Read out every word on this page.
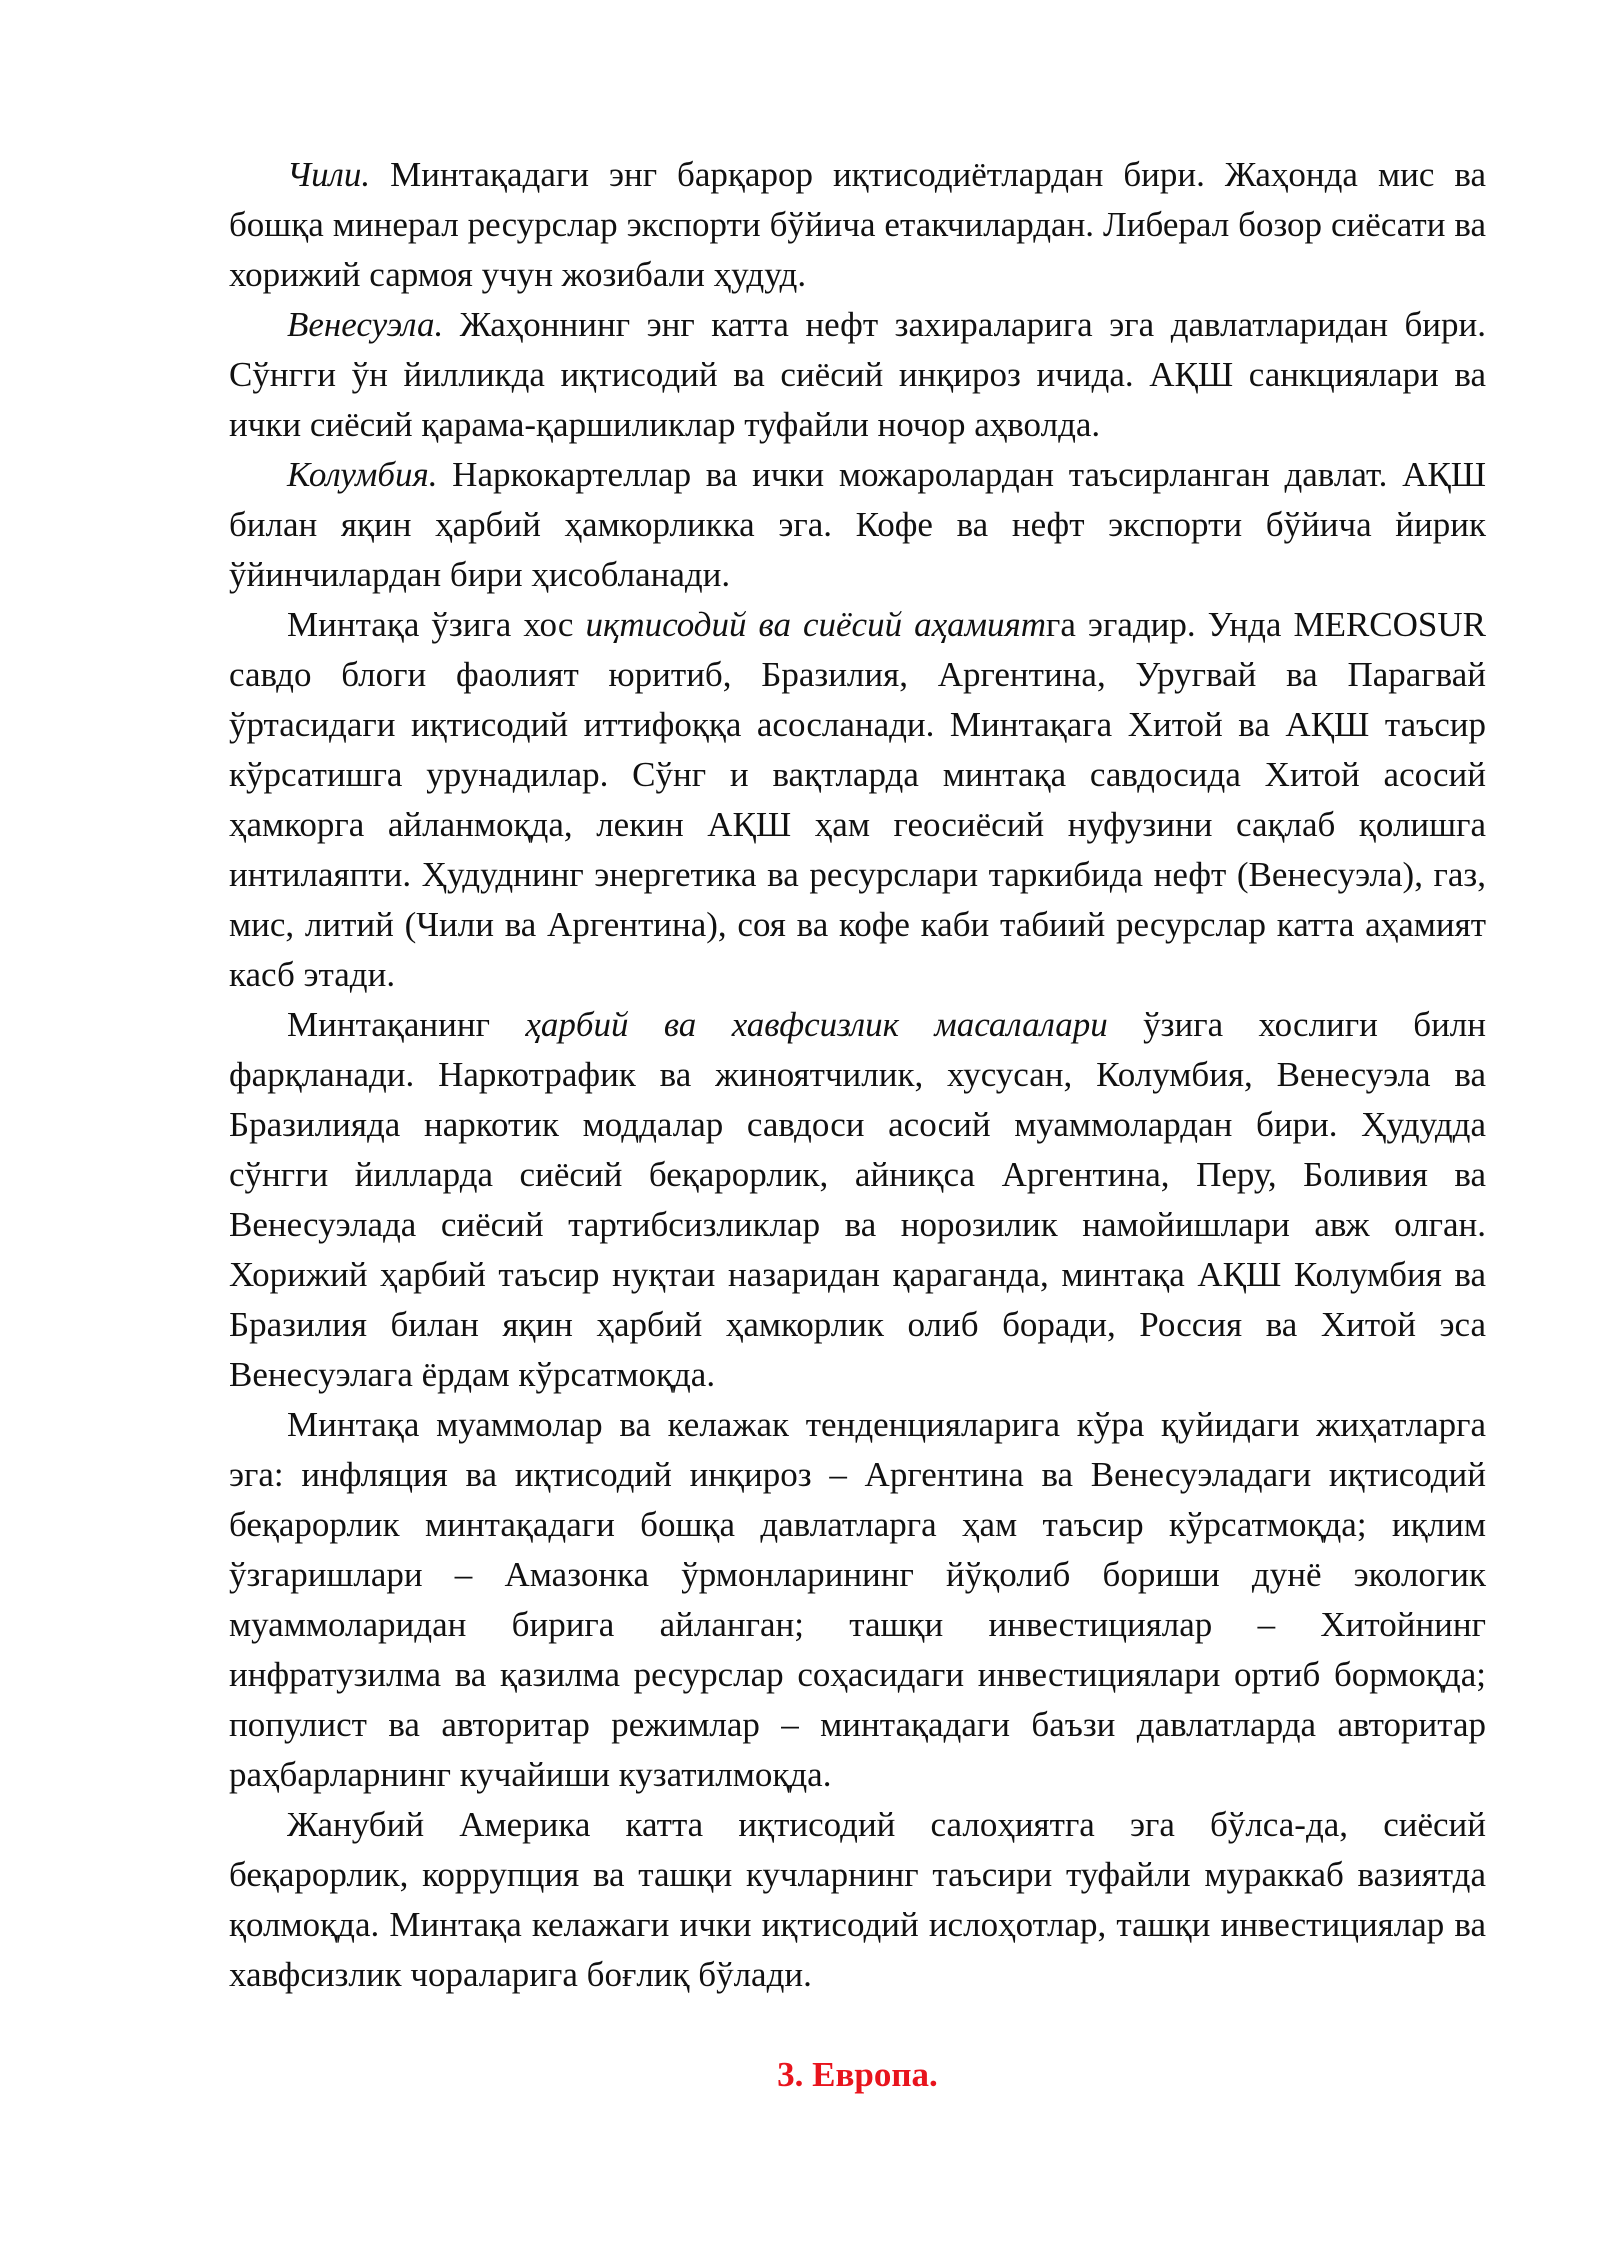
Чили. Минтақадаги энг барқарор иқтисодиётлардан бири. Жаҳонда мис ва бошқа минерал ресурслар экспорти бўйича етакчилардан. Либерал бозор сиёсати ва хорижий сармоя учун жозибали ҳудуд.

Венесуэла. Жаҳоннинг энг катта нефт захираларига эга давлатларидан бири. Сўнгги ўн йилликда иқтисодий ва сиёсий инқироз ичида. АҚШ санкциялари ва ички сиёсий қарама-қаршиликлар туфайли ночор аҳволда.

Колумбия. Наркокартеллар ва ички можаролардан таъсирланган давлат. АҚШ билан яқин ҳарбий ҳамкорликка эга. Кофе ва нефт экспорти бўйича йирик ўйинчилардан бири ҳисобланади.

Минтақа ўзига хос иқтисодий ва сиёсий аҳамиятга эгадир. Унда MERCOSUR савдо блоги фаолият юритиб, Бразилия, Аргентина, Уругвай ва Парагвай ўртасидаги иқтисодий иттифоққа асосланади. Минтақага Хитой ва АҚШ таъсир кўрсатишга урунадилар. Сўнг и вақтларда минтақа савдосида Хитой асосий ҳамкорга айланмоқда, лекин АҚШ ҳам геосиёсий нуфузини сақлаб қолишга интилаяпти. Ҳудуднинг энергетика ва ресурслари таркибида нефт (Венесуэла), газ, мис, литий (Чили ва Аргентина), соя ва кофе каби табиий ресурслар катта аҳамият касб этади.

Минтақанинг ҳарбий ва хавфсизлик масалалари ўзига хослиги билн фарқланади. Наркотрафик ва жиноятчилик, хусусан, Колумбия, Венесуэла ва Бразилияда наркотик моддалар савдоси асосий муаммолардан бири. Ҳудудда сўнгги йилларда сиёсий беқарорлик, айниқса Аргентина, Перу, Боливия ва Венесуэлада сиёсий тартибсизликлар ва норозилик намойишлари авж олган. Хорижий ҳарбий таъсир нуқтаи назаридан қараганда, минтақа АҚШ Колумбия ва Бразилия билан яқин ҳарбий ҳамкорлик олиб боради, Россия ва Хитой эса Венесуэлага ёрдам кўрсатмоқда.

Минтақа муаммолар ва келажак тенденцияларига кўра қуйидаги жиҳатларга эга: инфляция ва иқтисодий инқироз – Аргентина ва Венесуэладаги иқтисодий беқарорлик минтақадаги бошқа давлатларга ҳам таъсир кўрсатмоқда; иқлим ўзгаришлари – Амазонка ўрмонларининг йўқолиб бориши дунё экологик муаммоларидан бирига айланган; ташқи инвестициялар – Хитойнинг инфратузилма ва қазилма ресурслар соҳасидаги инвестициялари ортиб бормоқда; популист ва авторитар режимлар – минтақадаги баъзи давлатларда авторитар раҳбарларнинг кучайиши кузатилмоқда.

Жанубий Америка катта иқтисодий салоҳиятга эга бўлса-да, сиёсий беқарорлик, коррупция ва ташқи кучларнинг таъсири туфайли мураккаб вазиятда қолмоқда. Минтақа келажаги ички иқтисодий ислоҳотлар, ташқи инвестициялар ва хавфсизлик чораларига боғлиқ бўлади.

3. Европа.
